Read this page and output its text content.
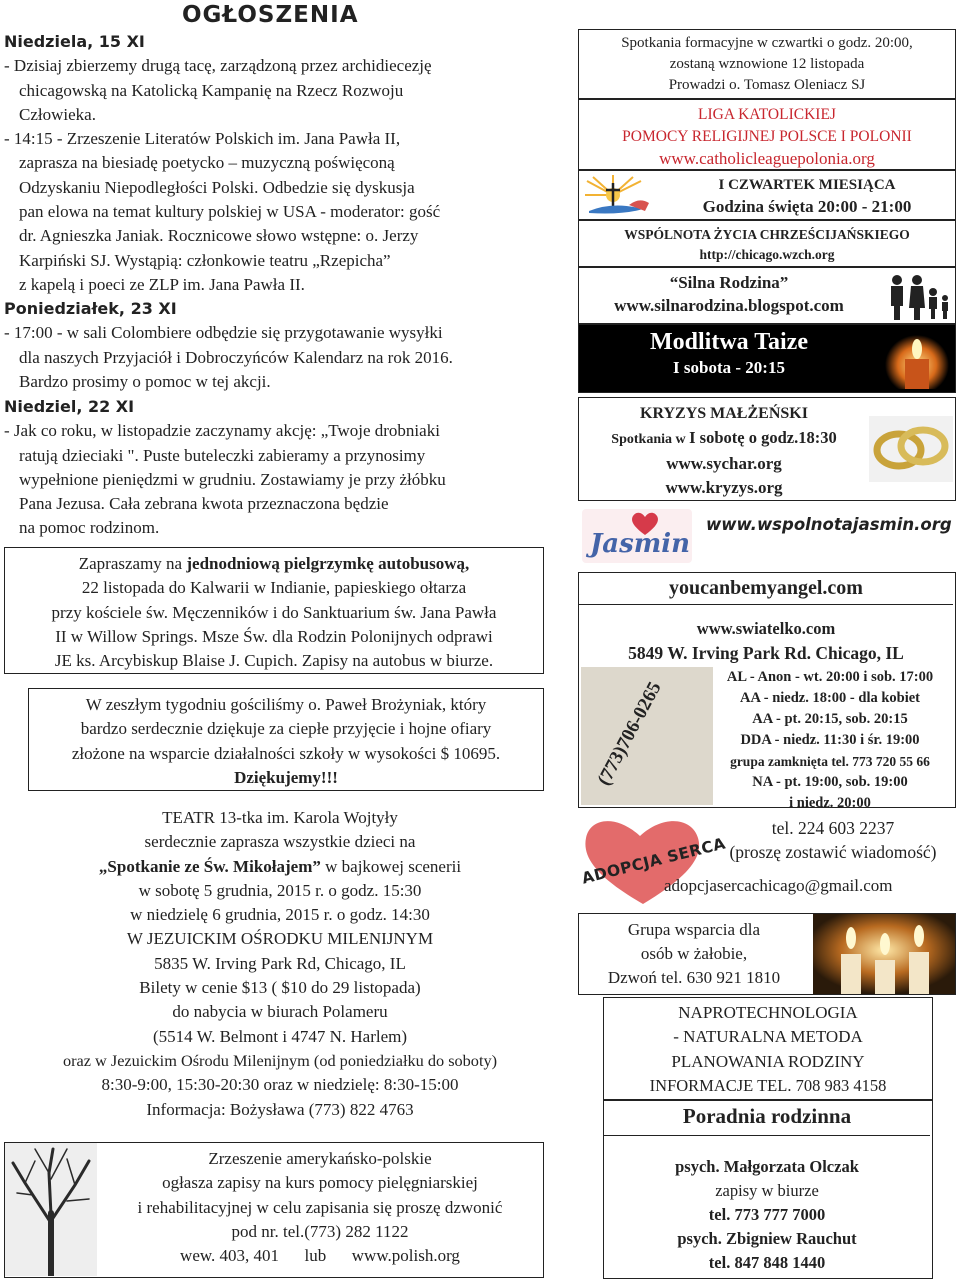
OGŁOSZENIA

Niedziela, 15 XI

- Dzisiaj zbierzemy drugą tacę, zarządzoną przez archidiecezję

chicagowską na Katolicką Kampanię na Rzecz Rozwoju

Człowieka.

- 14:15 - Zrzeszenie Literatów Polskich im. Jana Pawła II,

zaprasza na biesiadę poetycko – muzyczną poświęconą

Odzyskaniu Niepodległości Polski. Odbedzie się dyskusja

pan elowa na temat kultury polskiej w USA - moderator: gość

dr. Agnieszka Janiak. Rocznicowe słowo wstępne: o. Jerzy

Karpiński SJ. Wystąpią: członkowie teatru „Rzepicha”

z kapelą i poeci ze ZLP im. Jana Pawła II.

Poniedziałek, 23 XI

- 17:00 - w sali Colombiere odbędzie się przygotawanie wysyłki

dla naszych Przyjaciół i Dobroczyńców Kalendarz na rok 2016.

Bardzo prosimy o pomoc w tej akcji.

Niedziel, 22 XI

- Jak co roku, w listopadzie zaczynamy akcję: „Twoje drobniaki

ratują dzieciaki ". Puste buteleczki zabieramy a przynosimy

wypełnione pieniędzmi w grudniu. Zostawiamy je przy żłóbku

Pana Jezusa. Cała zebrana kwota przeznaczona będzie

na pomoc rodzinom.

Zapraszamy na jednodniową pielgrzymkę autobusową,

22 listopada do Kalwarii w Indianie, papieskiego ołtarza

przy kościele św. Męczenników i do Sanktuarium św. Jana Pawła

II w Willow Springs. Msze Św. dla Rodzin Polonijnych odprawi

JE ks. Arcybiskup Blaise J. Cupich. Zapisy na autobus w biurze.

W zeszłym tygodniu gościliśmy o. Paweł Brożyniak, który

bardzo serdecznie dziękuje za ciepłe przyjęcie i hojne ofiary

złożone na wsparcie działalności szkoły w wysokości $ 10695.

Dziękujemy!!!

TEATR 13-tka im. Karola Wojtyły

serdecznie zaprasza wszystkie dzieci na

„Spotkanie ze Św. Mikołajem” w bajkowej scenerii

w sobotę 5 grudnia, 2015 r. o godz. 15:30

w niedzielę 6 grudnia, 2015 r. o godz. 14:30

W JEZUICKIM OŚRODKU MILENIJNYM

5835 W. Irving Park Rd, Chicago, IL

Bilety w cenie $13 ( $10 do 29 listopada)

do nabycia w biurach Polameru

(5514 W. Belmont i 4747 N. Harlem)

oraz w Jezuickim Ośrodu Milenijnym (od poniedziałku do soboty)

8:30-9:00, 15:30-20:30 oraz w niedzielę: 8:30-15:00

Informacja: Bożysława (773) 822 4763

Zrzeszenie amerykańsko-polskie

ogłasza zapisy na kurs pomocy pielęgniarskiej

i rehabilitacyjnej w celu zapisania się proszę dzwonić

pod nr. tel.(773) 282 1122

wew. 403, 401 lub www.polish.org

Spotkania formacyjne w czwartki o godz. 20:00,

zostaną wznowione 12 listopada

Prowadzi o. Tomasz Oleniacz SJ

LIGA KATOLICKIEJ

POMOCY RELIGIJNEJ POLSCE I POLONII

www.catholicleaguepolonia.org

I CZWARTEK MIESIĄCA

Godzina święta 20:00 - 21:00

WSPÓLNOTA ŻYCIA CHRZEŚCIJAŃSKIEGO

http://chicago.wzch.org

“Silna Rodzina”

www.silnarodzina.blogspot.com

Modlitwa Taize

I sobota - 20:15

KRYZYS MAŁŻEŃSKI

Spotkania w I sobotę o godz.18:30

www.sychar.org

www.kryzys.org

Jasmin
www.wspolnotajasmin.org

youcanbemyangel.com

www.swiatelko.com

5849 W. Irving Park Rd. Chicago, IL

(773)706-0265

AL - Anon - wt. 20:00 i sob. 17:00

AA - niedz. 18:00 - dla kobiet

AA - pt. 20:15, sob. 20:15

DDA - niedz. 11:30 i śr. 19:00

grupa zamknięta tel. 773 720 55 66

NA - pt. 19:00, sob. 19:00

i niedz. 20:00

ADOPCJA SERCA

tel. 224 603 2237

(proszę zostawić wiadomość)

adopcjasercachicago@gmail.com

Grupa wsparcia dla

osób w żałobie,

Dzwoń tel. 630 921 1810

NAPROTECHNOLOGIA

- NATURALNA METODA

PLANOWANIA RODZINY

INFORMACJE TEL. 708 983 4158

Poradnia rodzinna

psych. Małgorzata Olczak

zapisy w biurze

tel. 773 777 7000

psych. Zbigniew Rauchut

tel. 847 848 1440
